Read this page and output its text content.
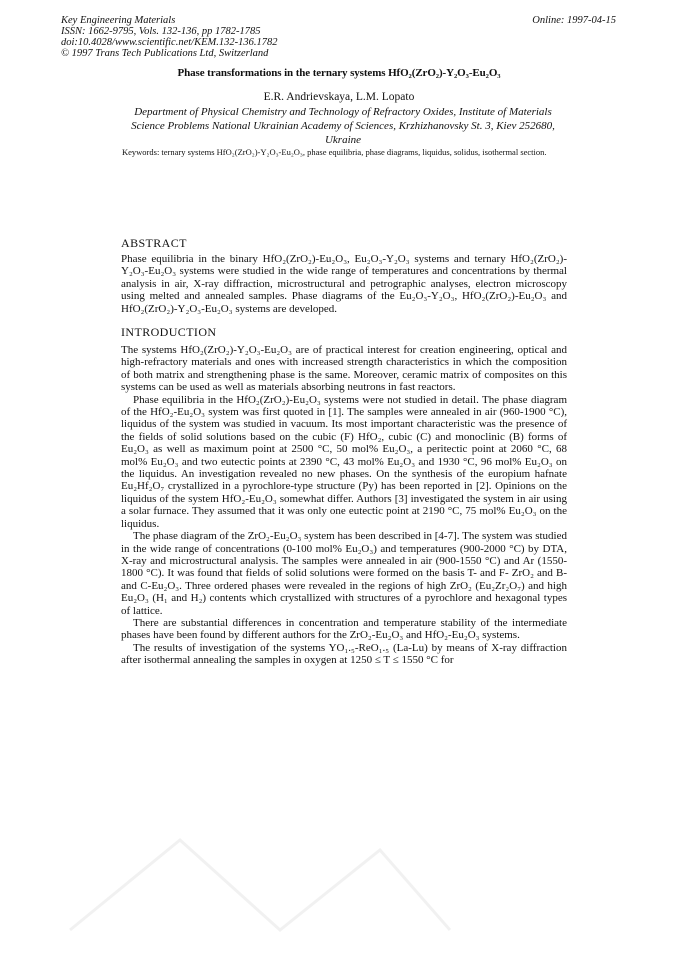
Key Engineering Materials
ISSN: 1662-9795, Vols. 132-136, pp 1782-1785
doi:10.4028/www.scientific.net/KEM.132-136.1782
© 1997 Trans Tech Publications Ltd, Switzerland
Online: 1997-04-15
Phase transformations in the ternary systems HfO₂(ZrO₂)-Y₂O₃-Eu₂O₃
E.R. Andrievskaya, L.M. Lopato
Department of Physical Chemistry and Technology of Refractory Oxides, Institute of Materials Science Problems National Ukrainian Academy of Sciences, Krzhizhanovsky St. 3, Kiev 252680, Ukraine
Keywords: ternary systems HfO₂(ZrO₂)-Y₂O₃-Eu₂O₃, phase equilibria, phase diagrams, liquidus, solidus, isothermal section.
ABSTRACT
Phase equilibria in the binary HfO₂(ZrO₂)-Eu₂O₃, Eu₂O₃-Y₂O₃ systems and ternary HfO₂(ZrO₂)-Y₂O₃-Eu₂O₃ systems were studied in the wide range of temperatures and concentrations by thermal analysis in air, X-ray diffraction, microstructural and petrographic analyses, electron microscopy using melted and annealed samples. Phase diagrams of the Eu₂O₃-Y₂O₃, HfO₂(ZrO₂)-Eu₂O₃ and HfO₂(ZrO₂)-Y₂O₃-Eu₂O₃ systems are developed.
INTRODUCTION

The systems HfO₂(ZrO₂)-Y₂O₃-Eu₂O₃ are of practical interest for creation engineering, optical and high-refractory materials and ones with increased strength characteristics in which the composition of both matrix and strengthening phase is the same. Moreover, ceramic matrix of composites on this systems can be used as well as materials absorbing neutrons in fast reactors.

Phase equilibria in the HfO₂(ZrO₂)-Eu₂O₃ systems were not studied in detail. The phase diagram of the HfO₂-Eu₂O₃ system was first quoted in [1]. The samples were annealed in air (960-1900 °C), liquidus of the system was studied in vacuum. Its most important characteristic was the presence of the fields of solid solutions based on the cubic (F) HfO₂, cubic (C) and monoclinic (B) forms of Eu₂O₃ as well as maximum point at 2500 °C, 50 mol% Eu₂O₃, a peritectic point at 2060 °C, 68 mol% Eu₂O₃ and two eutectic points at 2390 °C, 43 mol% Eu₂O₃ and 1930 °C, 96 mol% Eu₂O₃ on the liquidus. An investigation revealed no new phases. On the synthesis of the europium hafnate Eu₂Hf₂O₇ crystallized in a pyrochlore-type structure (Py) has been reported in [2]. Opinions on the liquidus of the system HfO₂-Eu₂O₃ somewhat differ. Authors [3] investigated the system in air using a solar furnace. They assumed that it was only one eutectic point at 2190 °C, 75 mol% Eu₂O₃ on the liquidus.

The phase diagram of the ZrO₂-Eu₂O₃ system has been described in [4-7]. The system was studied in the wide range of concentrations (0-100 mol% Eu₂O₃) and temperatures (900-2000 °C) by DTA, X-ray and microstructural analysis. The samples were annealed in air (900-1550 °C) and Ar (1550-1800 °C). It was found that fields of solid solutions were formed on the basis T- and F- ZrO₂ and B- and C-Eu₂O₃. Three ordered phases were revealed in the regions of high ZrO₂ (Eu₂Zr₂O₇) and high Eu₂O₃ (H₁ and H₂) contents which crystallized with structures of a pyrochlore and hexagonal types of lattice.

There are substantial differences in concentration and temperature stability of the intermediate phases have been found by different authors for the ZrO₂-Eu₂O₃ and HfO₂-Eu₂O₃ systems.

The results of investigation of the systems YO₁.₅-ReO₁.₅ (La-Lu) by means of X-ray diffraction after isothermal annealing the samples in oxygen at 1250 ≤ T ≤ 1550 °C for
